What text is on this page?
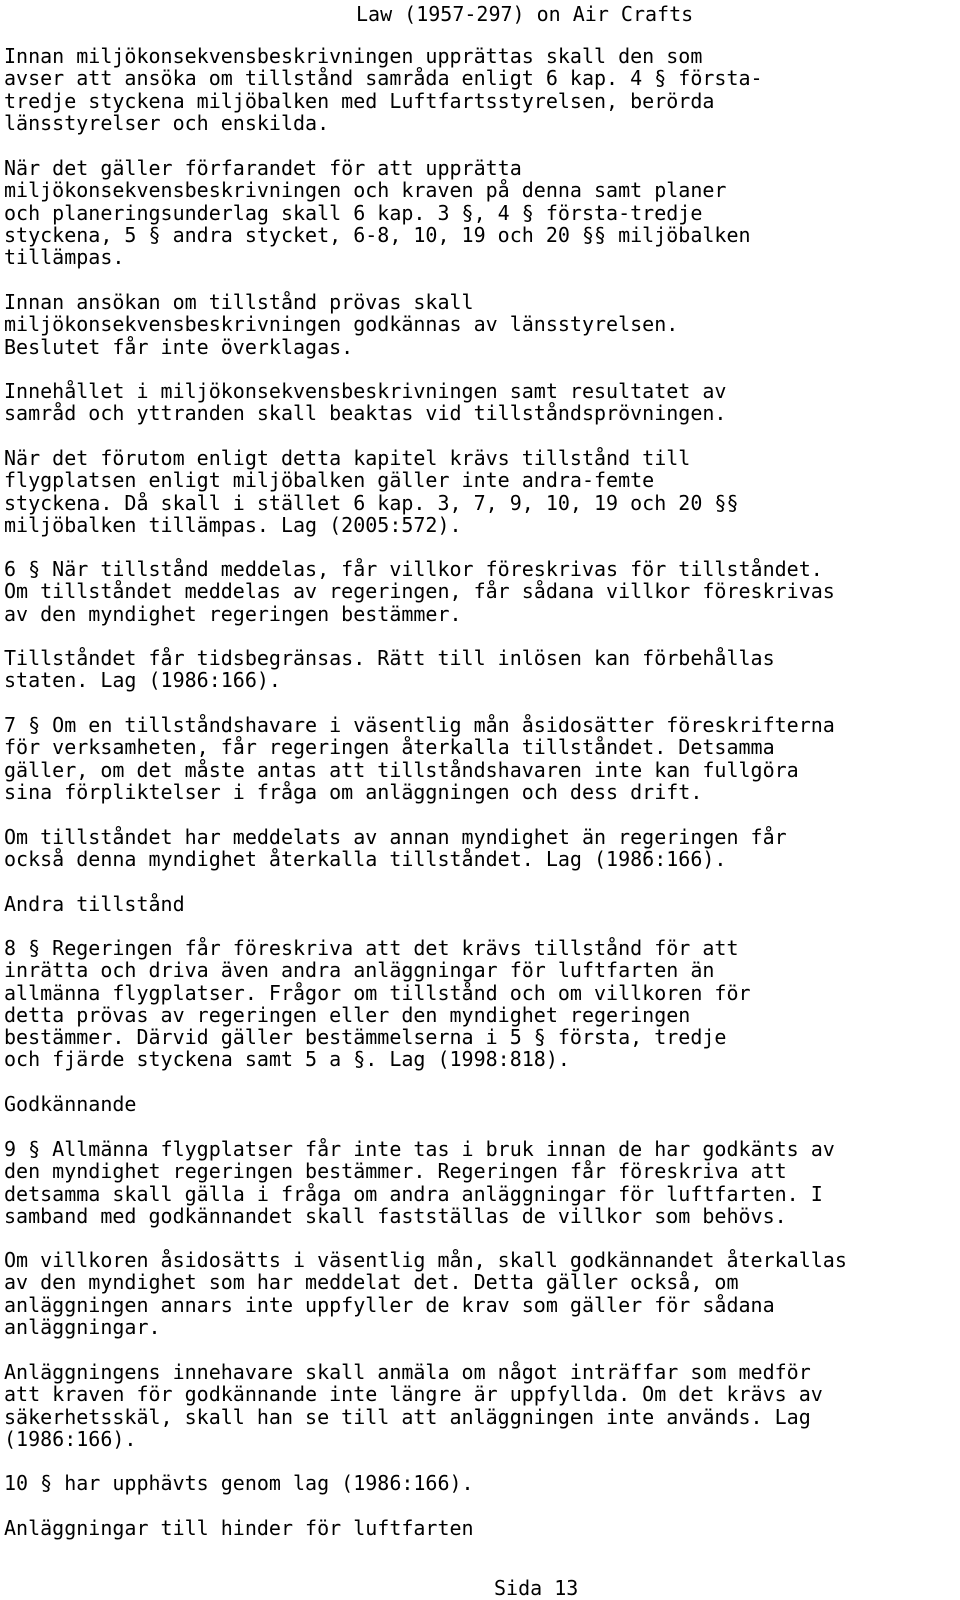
Law (1957-297) on Air Crafts

Innan miljökonsekvensbeskrivningen upprättas skall den som
avser att ansöka om tillstånd samråda enligt 6 kap. 4 § första-
tredje styckena miljöbalken med Luftfartsstyrelsen, berörda
länsstyrelser och enskilda.

När det gäller förfarandet för att upprätta
miljökonsekvensbeskrivningen och kraven på denna samt planer
och planeringsunderlag skall 6 kap. 3 §, 4 § första-tredje
styckena, 5 § andra stycket, 6-8, 10, 19 och 20 §§ miljöbalken
tillämpas.

Innan ansökan om tillstånd prövas skall
miljökonsekvensbeskrivningen godkännas av länsstyrelsen.
Beslutet får inte överklagas.

Innehållet i miljökonsekvensbeskrivningen samt resultatet av
samråd och yttranden skall beaktas vid tillståndsprövningen.

När det förutom enligt detta kapitel krävs tillstånd till
flygplatsen enligt miljöbalken gäller inte andra-femte
styckena. Då skall i stället 6 kap. 3, 7, 9, 10, 19 och 20 §§
miljöbalken tillämpas. Lag (2005:572).

6 § När tillstånd meddelas, får villkor föreskrivas för tillståndet.
Om tillståndet meddelas av regeringen, får sådana villkor föreskrivas
av den myndighet regeringen bestämmer.

Tillståndet får tidsbegränsas. Rätt till inlösen kan förbehållas
staten. Lag (1986:166).

7 § Om en tillståndshavare i väsentlig mån åsidosätter föreskrifterna
för verksamheten, får regeringen återkalla tillståndet. Detsamma
gäller, om det måste antas att tillståndshavaren inte kan fullgöra
sina förpliktelser i fråga om anläggningen och dess drift.

Om tillståndet har meddelats av annan myndighet än regeringen får
också denna myndighet återkalla tillståndet. Lag (1986:166).

Andra tillstånd

8 § Regeringen får föreskriva att det krävs tillstånd för att
inrätta och driva även andra anläggningar för luftfarten än
allmänna flygplatser. Frågor om tillstånd och om villkoren för
detta prövas av regeringen eller den myndighet regeringen
bestämmer. Därvid gäller bestämmelserna i 5 § första, tredje
och fjärde styckena samt 5 a §. Lag (1998:818).

Godkännande

9 § Allmänna flygplatser får inte tas i bruk innan de har godkänts av
den myndighet regeringen bestämmer. Regeringen får föreskriva att
detsamma skall gälla i fråga om andra anläggningar för luftfarten. I
samband med godkännandet skall fastställas de villkor som behövs.

Om villkoren åsidosätts i väsentlig mån, skall godkännandet återkallas
av den myndighet som har meddelat det. Detta gäller också, om
anläggningen annars inte uppfyller de krav som gäller för sådana
anläggningar.

Anläggningens innehavare skall anmäla om något inträffar som medför
att kraven för godkännande inte längre är uppfyllda. Om det krävs av
säkerhetsskäl, skall han se till att anläggningen inte används. Lag
(1986:166).

10 § har upphävts genom lag (1986:166).

Anläggningar till hinder för luftfarten

Sida 13
